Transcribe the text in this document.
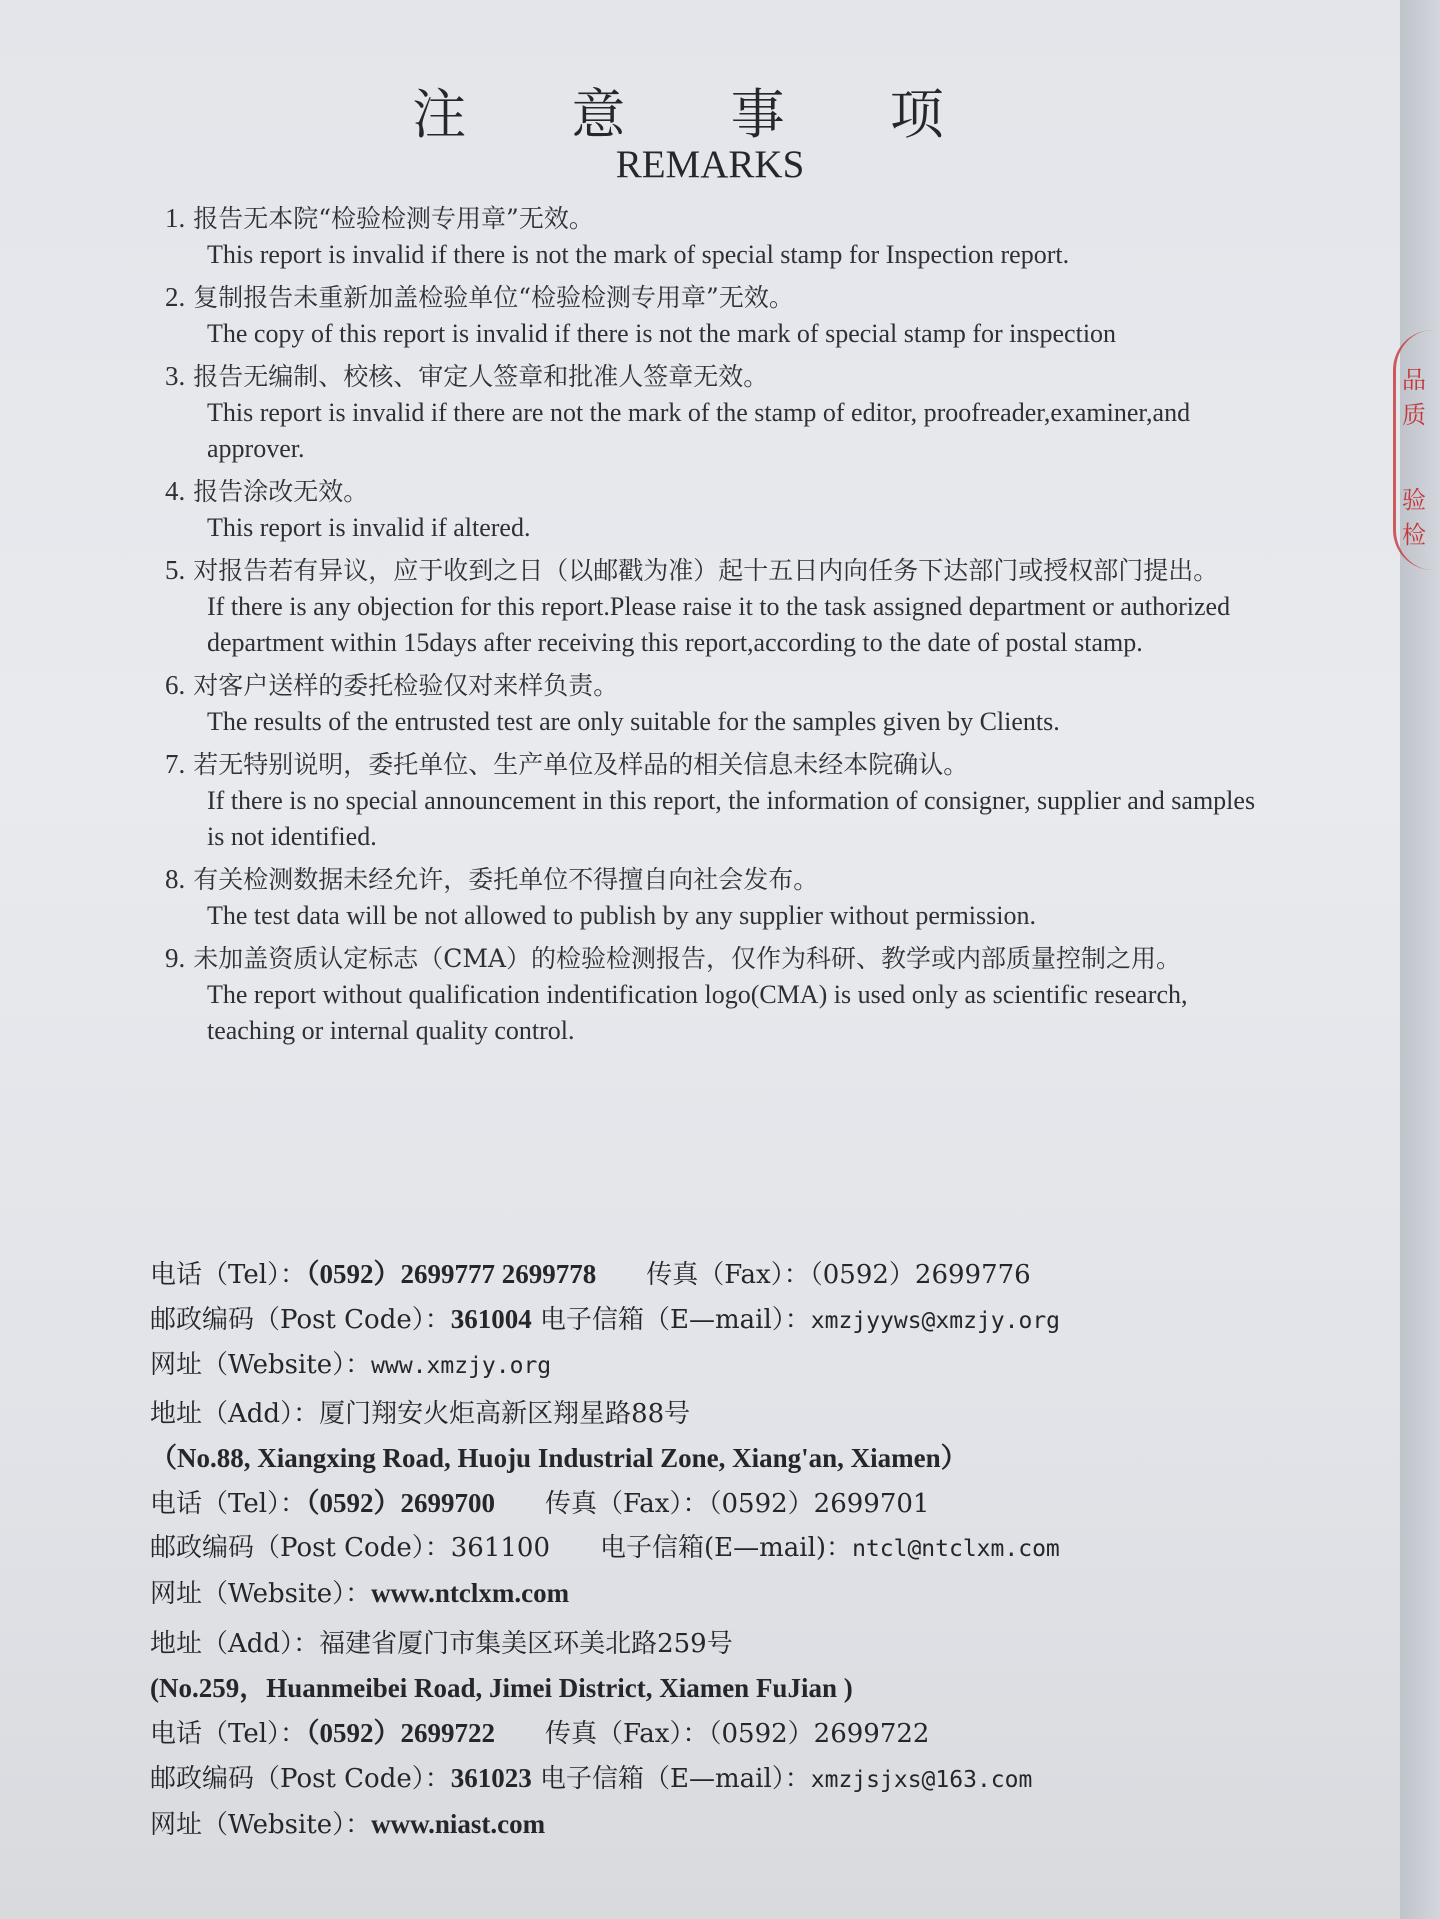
品质
验检
注 意 事 项
REMARKS
1. 报告无本院“检验检测专用章”无效。
This report is invalid if there is not the mark of special stamp for Inspection report.
2. 复制报告未重新加盖检验单位“检验检测专用章”无效。
The copy of this report is invalid if there is not the mark of special stamp for inspection
3. 报告无编制、校核、审定人签章和批准人签章无效。
This report is invalid if there are not the mark of the stamp of editor, proofreader,examiner,and approver.
4. 报告涂改无效。
This report is invalid if altered.
5. 对报告若有异议，应于收到之日（以邮戳为准）起十五日内向任务下达部门或授权部门提出。
If there is any objection for this report.Please raise it to the task assigned department or authorized department within 15days after receiving this report,according to the date of postal stamp.
6. 对客户送样的委托检验仅对来样负责。
The results of the entrusted test are only suitable for the samples given by Clients.
7. 若无特别说明，委托单位、生产单位及样品的相关信息未经本院确认。
If there is no special announcement in this report, the information of consigner, supplier and samples is not identified.
8. 有关检测数据未经允许，委托单位不得擅自向社会发布。
The test data will be not allowed to publish by any supplier without permission.
9. 未加盖资质认定标志（CMA）的检验检测报告，仅作为科研、教学或内部质量控制之用。
The report without qualification indentification logo(CMA) is used only as scientific research, teaching or internal quality control.
电话（Tel）：（0592）2699777 2699778 传真（Fax）：（0592）2699776
邮政编码（Post Code）：361004 电子信箱（E—mail）：xmzjyyws@xmzjy.org
网址（Website）：www.xmzjy.org
地址（Add）：厦门翔安火炬高新区翔星路88号
（No.88, Xiangxing Road, Huoju Industrial Zone, Xiang'an, Xiamen）
电话（Tel）：（0592）2699700 传真（Fax）：（0592）2699701
邮政编码（Post Code）：361100 电子信箱(E—mail)：ntcl@ntclxm.com
网址（Website）：www.ntclxm.com
地址（Add）：福建省厦门市集美区环美北路259号
(No.259，Huanmeibei Road, Jimei District, Xiamen FuJian )
电话（Tel）：（0592）2699722 传真（Fax）：（0592）2699722
邮政编码（Post Code）：361023 电子信箱（E—mail）：xmzjsjxs@163.com
网址（Website）：www.niast.com
